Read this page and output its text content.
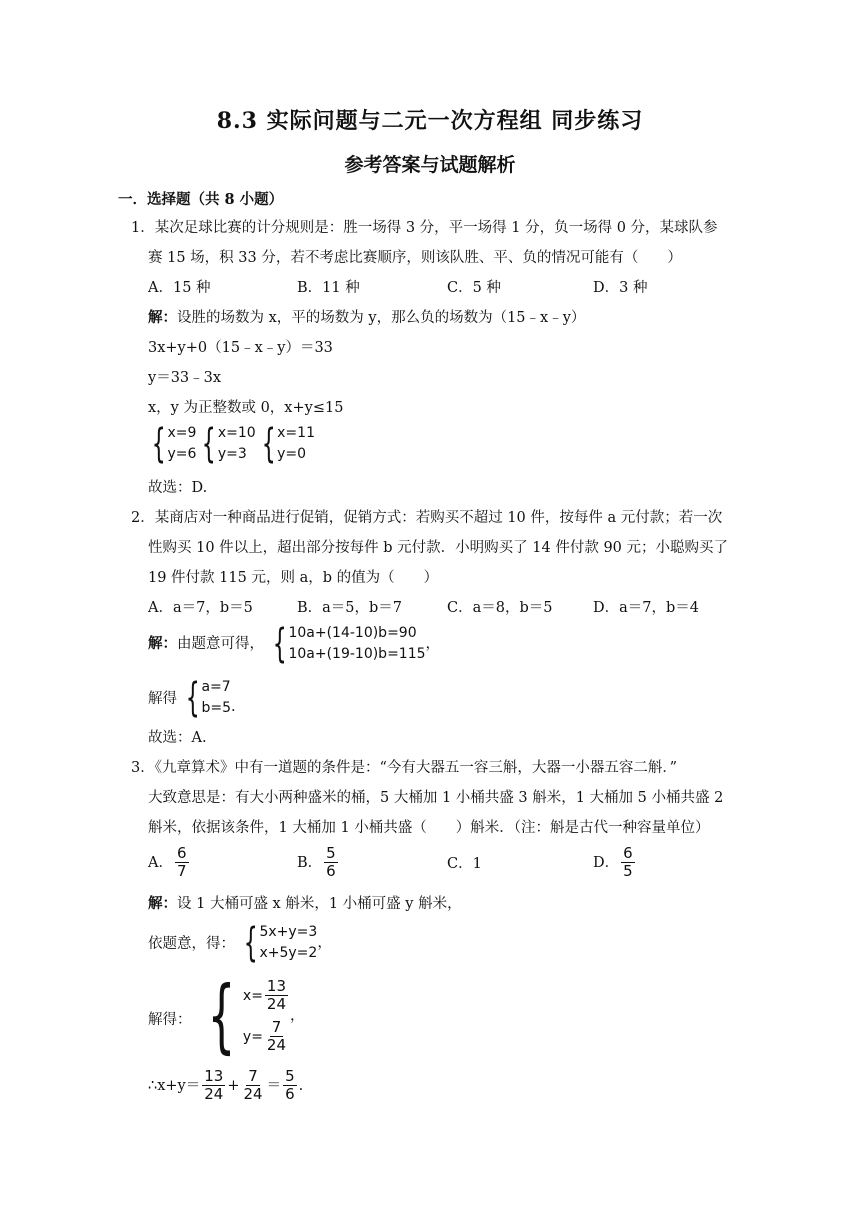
8.3 实际问题与二元一次方程组 同步练习
参考答案与试题解析
一．选择题（共 8 小题）
1．某次足球比赛的计分规则是：胜一场得 3 分，平一场得 1 分，负一场得 0 分，某球队参
赛 15 场，积 33 分，若不考虑比赛顺序，则该队胜、平、负的情况可能有（　　）
A．15 种	B．11 种	C．5 种	D．3 种
解：设胜的场数为 x，平的场数为 y，那么负的场数为（15﹣x﹣y）
3x+y+0（15﹣x﹣y）＝33
y＝33﹣3x
x，y 为正整数或 0，x+y≤15
{ x=9
y=6 { x=10
y=3 { x=11
y=0
故选：D.
2．某商店对一种商品进行促销，促销方式：若购买不超过 10 件，按每件 a 元付款；若一次
性购买 10 件以上，超出部分按每件 b 元付款．小明购买了 14 件付款 90 元；小聪购买了
19 件付款 115 元，则 a，b 的值为（　　）
A．a＝7，b＝5	B．a＝5，b＝7	C．a＝8，b＝5	D．a＝7，b＝4
解：由题意可得， { 10a+(14-10)b=90
10a+(19-10)b=115
，
解得 { a=7
b=5 .
故选：A.
3．《九章算术》中有一道题的条件是：“今有大器五一容三斛，大器一小器五容二斛．”
大致意思是：有大小两种盛米的桶，5 大桶加 1 小桶共盛 3 斛米，1 大桶加 5 小桶共盛 2
斛米，依据该条件，1 大桶加 1 小桶共盛（　　）斛米．（注：斛是古代一种容量单位）
A． $\frac{6}{7}$	B． $\frac{5}{6}$	C．1	D． $\frac{6}{5}$
解：设 1 大桶可盛 x 斛米，1 小桶可盛 y 斛米，
依题意，得： { 5x+y=3
x+5y=2
，
解得： { $x= \frac{13}{24}$
$y= \frac{7}{24}$
，
∴x+y＝ $\frac{13}{24} + \frac{7}{24} = \frac{5}{6}$ .
